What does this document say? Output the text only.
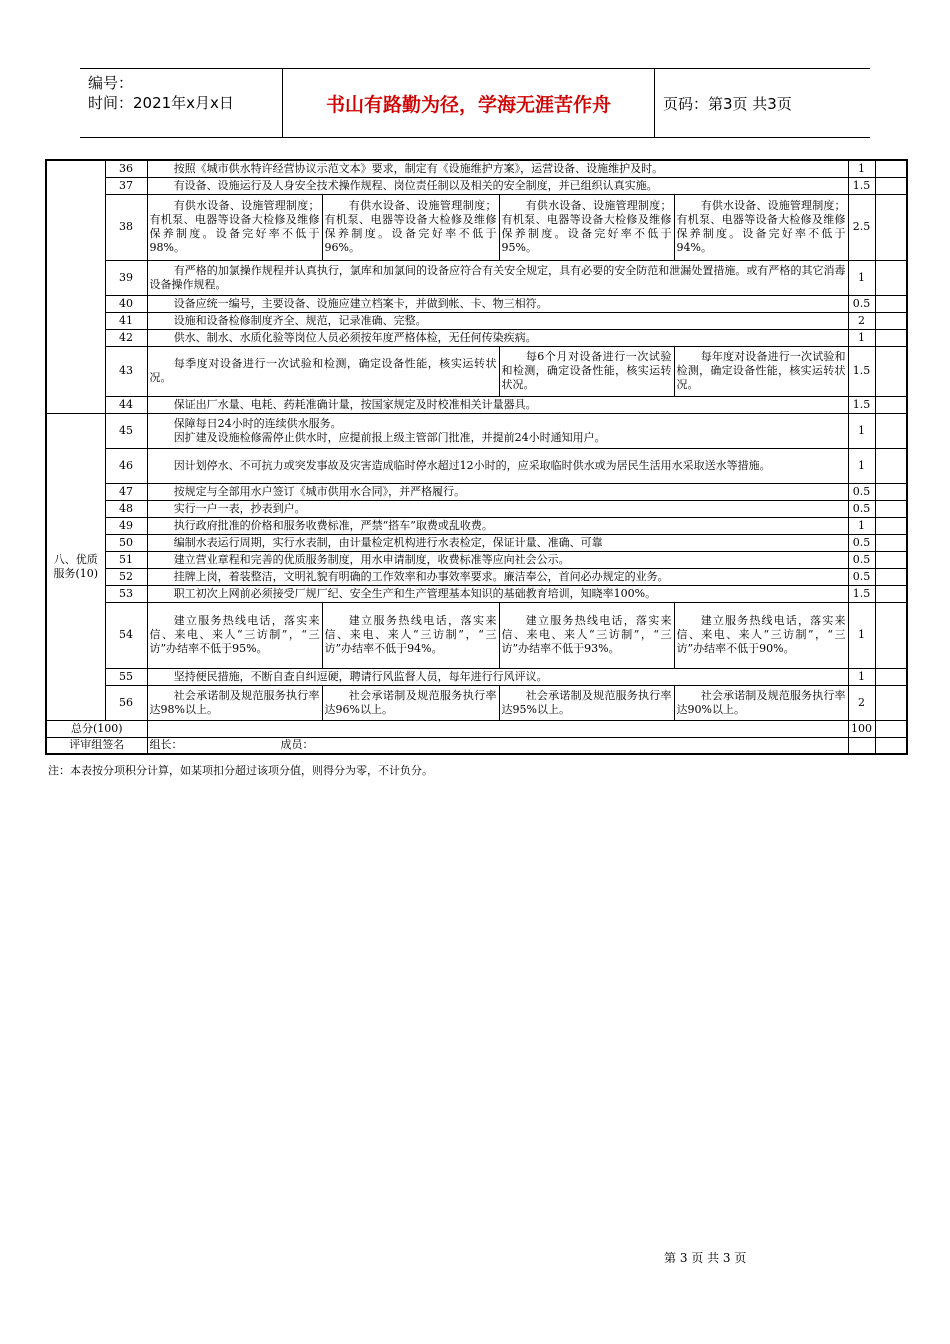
编号：
时间：2021年x月x日	书山有路勤为径，学海无涯苦作舟	页码：第3页 共3页
	36	按照《城市供水特许经营协议示范文本》要求，制定有《设施维护方案》，运营设备、设施维护及时。				1	
	37	有设备、设施运行及人身安全技术操作规程、岗位责任制以及相关的安全制度，并已组织认真实施。				1.5	
	38	有供水设备、设施管理制度；有机泵、电器等设备大检修及维修保养制度。设备完好率不低于98%。	有供水设备、设施管理制度；有机泵、电器等设备大检修及维修保养制度。设备完好率不低于96%。	有供水设备、设施管理制度；有机泵、电器等设备大检修及维修保养制度。设备完好率不低于95%。	有供水设备、设施管理制度；有机泵、电器等设备大检修及维修保养制度。设备完好率不低于94%。	2.5	
	39	有严格的加氯操作规程并认真执行，氯库和加氯间的设备应符合有关安全规定，具有必要的安全防范和泄漏处置措施。或有严格的其它消毒设备操作规程。				1	
	40	设备应统一编号，主要设备、设施应建立档案卡，并做到帐、卡、物三相符。				0.5	
	41	设施和设备检修制度齐全、规范，记录准确、完整。				2	
	42	供水、制水、水质化验等岗位人员必须按年度严格体检，无任何传染疾病。				1	
	43	每季度对设备进行一次试验和检测，确定设备性能，核实运转状况。		每6个月对设备进行一次试验和检测，确定设备性能，核实运转状况。	每年度对设备进行一次试验和检测，确定设备性能，核实运转状况。	1.5	
	44	保证出厂水量、电耗、药耗准确计量，按国家规定及时校准相关计量器具。				1.5	
八、优质服务(10)	45	保障每日24小时的连续供水服务。
因扩建及设施检修需停止供水时，应提前报上级主管部门批准，并提前24小时通知用户。				1	
	46	因计划停水、不可抗力或突发事故及灾害造成临时停水超过12小时的，应采取临时供水或为居民生活用水采取送水等措施。				1	
	47	按规定与全部用水户签订《城市供用水合同》，并严格履行。				0.5	
	48	实行一户一表，抄表到户。				0.5	
	49	执行政府批准的价格和服务收费标准，严禁“搭车”取费或乱收费。				1	
	50	编制水表运行周期，实行水表制，由计量检定机构进行水表检定，保证计量、准确、可靠				0.5	
	51	建立营业章程和完善的优质服务制度，用水申请制度，收费标准等应向社会公示。				0.5	
	52	挂牌上岗，着装整洁，文明礼貌有明确的工作效率和办事效率要求。廉洁奉公，首问必办规定的业务。				0.5	
	53	职工初次上网前必须接受厂规厂纪、安全生产和生产管理基本知识的基础教育培训，知晓率100%。				1.5	
	54	建立服务热线电话，落实来信、来电、来人“三访制”，“三访”办结率不低于95%。	建立服务热线电话，落实来信、来电、来人“三访制”，“三访”办结率不低于94%。	建立服务热线电话，落实来信、来电、来人“三访制”，“三访”办结率不低于93%。	建立服务热线电话，落实来信、来电、来人“三访制”，“三访”办结率不低于90%。	1	
	55	坚持便民措施，不断自查自纠逗硬，聘请行风监督人员，每年进行行风评议。				1	
	56	社会承诺制及规范服务执行率达98%以上。	社会承诺制及规范服务执行率达96%以上。	社会承诺制及规范服务执行率达95%以上。	社会承诺制及规范服务执行率达90%以上。	2	
总分(100)						100	
评审组签名		组长： 成员：					
注：本表按分项积分计算，如某项扣分超过该项分值，则得分为零，不计负分。
第 3 页 共 3 页
